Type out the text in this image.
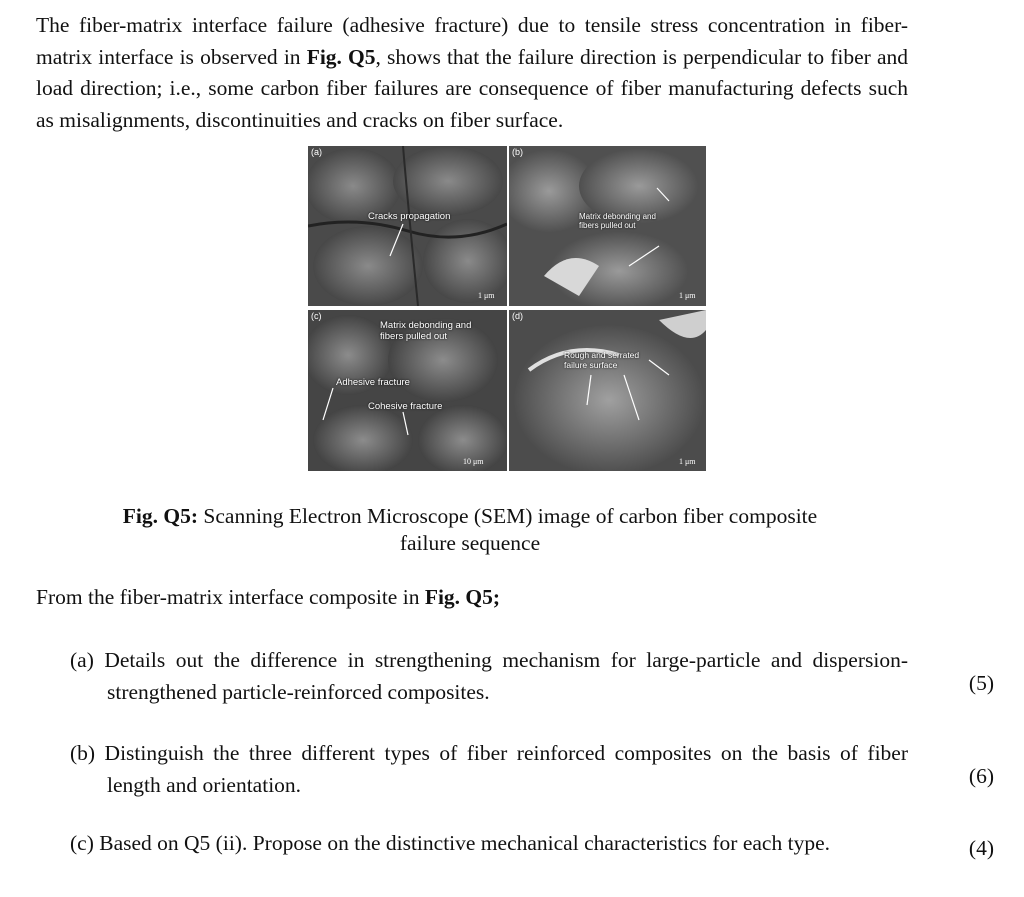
The fiber-matrix interface failure (adhesive fracture) due to tensile stress concentration in fiber-matrix interface is observed in Fig. Q5, shows that the failure direction is perpendicular to fiber and load direction; i.e., some carbon fiber failures are consequence of fiber manufacturing defects such as misalignments, discontinuities and cracks on fiber surface.

(a)
Cracks propagation
1 μm
(b)
Matrix debonding and fibers pulled out
1 μm
(c)
Matrix debonding and fibers pulled out
Adhesive fracture
Cohesive fracture
10 μm
(d)
Rough and serrated failure surface
1 μm

Fig. Q5: Scanning Electron Microscope (SEM) image of carbon fiber composite failure sequence

From the fiber-matrix interface composite in Fig. Q5;

(a) Details out the difference in strengthening mechanism for large-particle and dispersion-strengthened particle-reinforced composites.	(5)

(b) Distinguish the three different types of fiber reinforced composites on the basis of fiber length and orientation.	(6)

(c) Based on Q5 (ii). Propose on the distinctive mechanical characteristics for each type.	(4)
